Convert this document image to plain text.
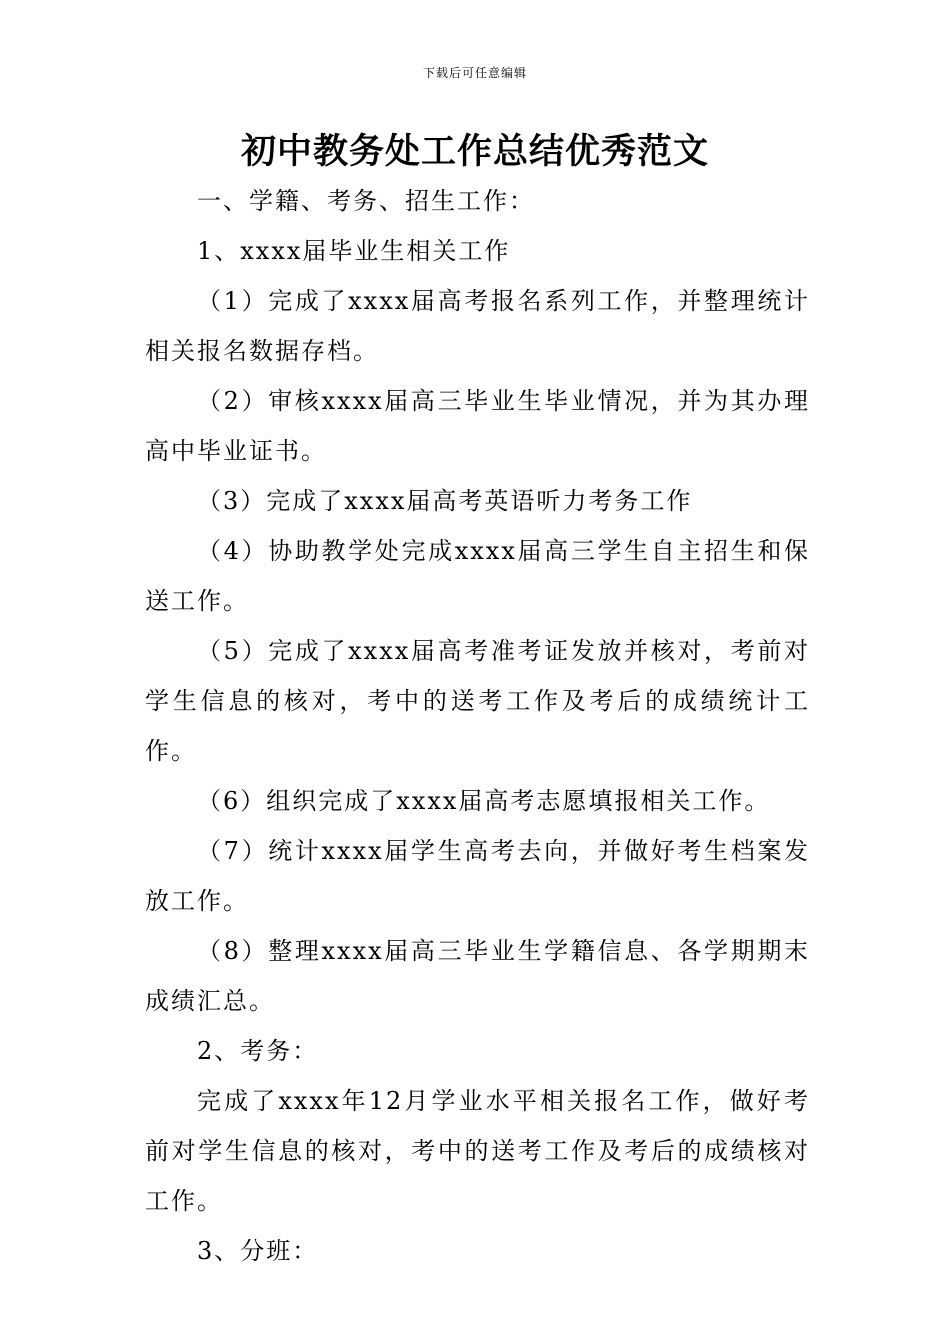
下载后可任意编辑
初中教务处工作总结优秀范文

一、学籍、考务、招生工作：

1、xxxx届毕业生相关工作

（1）完成了xxxx届高考报名系列工作，并整理统计相关报名数据存档。

（2）审核xxxx届高三毕业生毕业情况，并为其办理高中毕业证书。

（3）完成了xxxx届高考英语听力考务工作

（4）协助教学处完成xxxx届高三学生自主招生和保送工作。

（5）完成了xxxx届高考准考证发放并核对，考前对学生信息的核对，考中的送考工作及考后的成绩统计工作。

（6）组织完成了xxxx届高考志愿填报相关工作。

（7）统计xxxx届学生高考去向，并做好考生档案发放工作。

（8）整理xxxx届高三毕业生学籍信息、各学期期末成绩汇总。

2、考务：

完成了xxxx年12月学业水平相关报名工作，做好考前对学生信息的核对，考中的送考工作及考后的成绩核对工作。

3、分班：
